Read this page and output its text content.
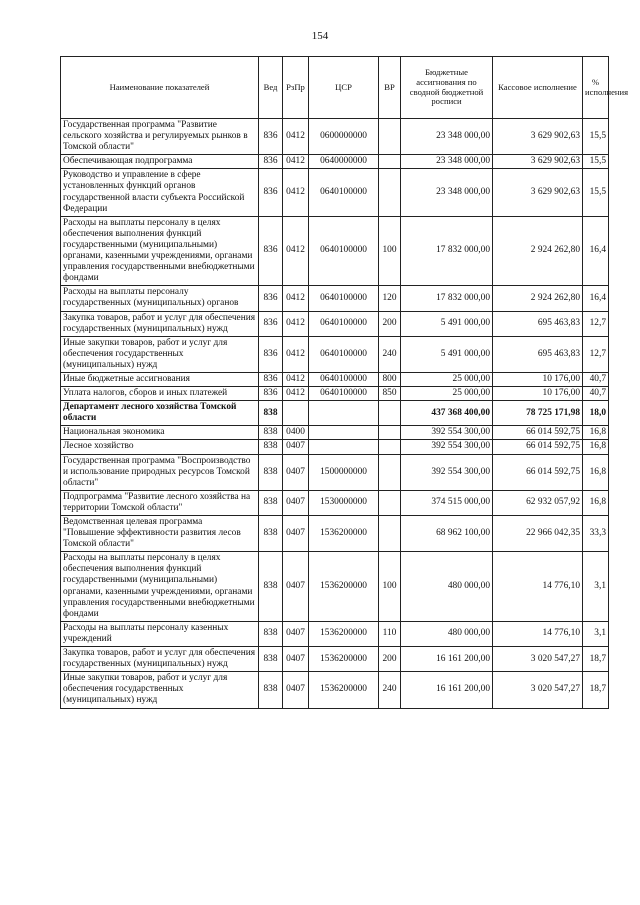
154
Наименование показателей	Вед	РзПр	ЦСР	ВР	Бюджетные ассигнования по сводной бюджетной росписи	Кассовое исполнение	% исполнения
Государственная программа "Развитие сельского хозяйства и регулируемых рынков в Томской области"	836	0412	0600000000		23 348 000,00	3 629 902,63	15,5
Обеспечивающая подпрограмма	836	0412	0640000000		23 348 000,00	3 629 902,63	15,5
Руководство и управление в сфере установленных функций органов государственной власти субъекта Российской Федерации	836	0412	0640100000		23 348 000,00	3 629 902,63	15,5
Расходы на выплаты персоналу в целях обеспечения выполнения функций государственными (муниципальными) органами, казенными учреждениями, органами управления государственными внебюджетными фондами	836	0412	0640100000	100	17 832 000,00	2 924 262,80	16,4
Расходы на выплаты персоналу государственных (муниципальных) органов	836	0412	0640100000	120	17 832 000,00	2 924 262,80	16,4
Закупка товаров, работ и услуг для обеспечения государственных (муниципальных) нужд	836	0412	0640100000	200	5 491 000,00	695 463,83	12,7
Иные закупки товаров, работ и услуг для обеспечения государственных (муниципальных) нужд	836	0412	0640100000	240	5 491 000,00	695 463,83	12,7
Иные бюджетные ассигнования	836	0412	0640100000	800	25 000,00	10 176,00	40,7
Уплата налогов, сборов и иных платежей	836	0412	0640100000	850	25 000,00	10 176,00	40,7
Департамент лесного хозяйства Томской области	838				437 368 400,00	78 725 171,98	18,0
Национальная экономика	838	0400			392 554 300,00	66 014 592,75	16,8
Лесное хозяйство	838	0407			392 554 300,00	66 014 592,75	16,8
Государственная программа "Воспроизводство и использование природных ресурсов Томской области"	838	0407	1500000000		392 554 300,00	66 014 592,75	16,8
Подпрограмма "Развитие лесного хозяйства на территории Томской области"	838	0407	1530000000		374 515 000,00	62 932 057,92	16,8
Ведомственная целевая программа "Повышение эффективности развития лесов Томской области"	838	0407	1536200000		68 962 100,00	22 966 042,35	33,3
Расходы на выплаты персоналу в целях обеспечения выполнения функций государственными (муниципальными) органами, казенными учреждениями, органами управления государственными внебюджетными фондами	838	0407	1536200000	100	480 000,00	14 776,10	3,1
Расходы на выплаты персоналу казенных учреждений	838	0407	1536200000	110	480 000,00	14 776,10	3,1
Закупка товаров, работ и услуг для обеспечения государственных (муниципальных) нужд	838	0407	1536200000	200	16 161 200,00	3 020 547,27	18,7
Иные закупки товаров, работ и услуг для обеспечения государственных (муниципальных) нужд	838	0407	1536200000	240	16 161 200,00	3 020 547,27	18,7
